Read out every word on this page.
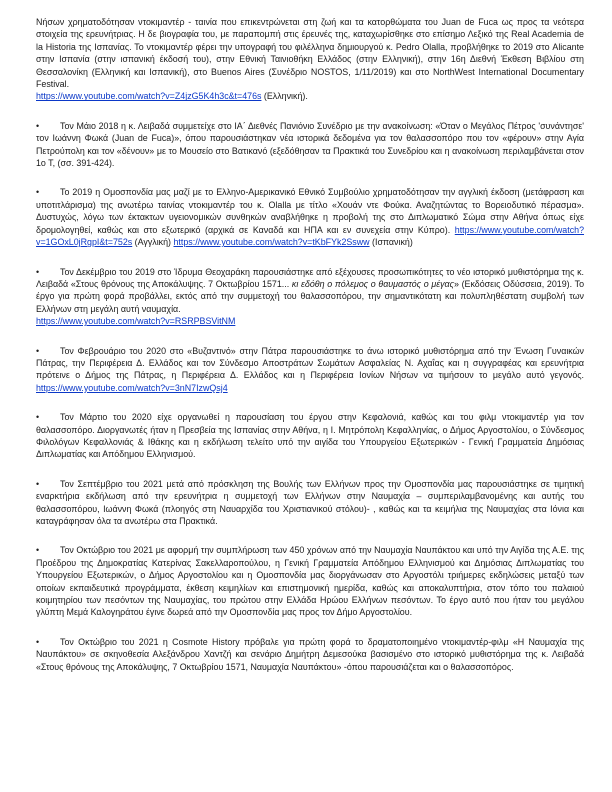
Νήσων χρηματοδότησαν ντοκιμαντέρ - ταινία που επικεντρώνεται στη ζωή και τα κατορθώματα του Juan de Fuca ως προς τα νεότερα στοιχεία της ερευνήτριας. Η δε βιογραφία του, με παραπομπή στις έρευνές της, καταχωρίσθηκε στο επίσημο Λεξικό της Real Academia de la Historia της Ισπανίας. Το ντοκιμαντέρ φέρει την υπογραφή του φιλέλληνα δημιουργού κ. Pedro Olalla, προβλήθηκε το 2019 στο Alicante στην Ισπανία (στην ισπανική έκδοσή του), στην Εθνική Ταινιοθήκη Ελλάδος (στην Ελληνική), στην 16η Διεθνή Έκθεση Βιβλίου στη Θεσσαλονίκη (Ελληνική και Ισπανική), στο Buenos Aires (Συνέδριο NOSTOS, 1/11/2019) και στο NorthWest International Documentary Festival.
https://www.youtube.com/watch?v=Z4jzG5K4h3c&t=476s (Ελληνική).

• Τον Μάιο 2018 η κ. Λειβαδά συμμετείχε στο ΙΑ΄ Διεθνές Πανιόνιο Συνέδριο με την ανακοίνωση: «Όταν ο Μεγάλος Πέτρος 'συνάντησε' τον Ιωάννη Φωκά (Juan de Fuca)», όπου παρουσιάστηκαν νέα ιστορικά δεδομένα για τον θαλασσοπόρο που τον «φέρουν» στην Αγία Πετρούπολη και τον «δένουν» με το Μουσείο στο Βατικανό (εξεδόθησαν τα Πρακτικά του Συνεδρίου και η ανακοίνωση περιλαμβάνεται στον 1ο Τ, (σσ. 391-424).

• Το 2019 η Ομοσπονδία μας μαζί με το Ελληνο-Αμερικανικό Εθνικό Συμβούλιο χρηματοδότησαν την αγγλική έκδοση (μετάφραση και υποτιτλάρισμα) της ανωτέρω ταινίας ντοκιμαντέρ του κ. Olalla με τίτλο «Χουάν ντε Φούκα. Αναζητώντας το Βορειοδυτικό πέρασμα». Δυστυχώς, λόγω των έκτακτων υγειονομικών συνθηκών αναβλήθηκε η προβολή της στο Διπλωματικό Σώμα στην Αθήνα όπως είχε δρομολογηθεί, καθώς και στο εξωτερικό (αρχικά σε Καναδά και ΗΠΑ και εν συνεχεία στην Κύπρο). https://www.youtube.com/watch?v=1GOxL0jRgpI&t=752s (Αγγλική) https://www.youtube.com/watch?v=tKbFYk2Ssww (Ισπανική)

• Τον Δεκέμβριο του 2019 στο Ίδρυμα Θεοχαράκη παρουσιάστηκε από εξέχουσες προσωπικότητες το νέο ιστορικό μυθιστόρημα της κ. Λειβαδά «Στους θρόνους της Αποκάλυψης. 7 Οκτωβρίου 1571... κι εδόθη ο πόλεμος ο θαυμαστός ο μέγας» (Εκδόσεις Οδύσσεια, 2019). Το έργο για πρώτη φορά προβάλλει, εκτός από την συμμετοχή του θαλασσοπόρου, την σημαντικότατη και πολυπληθέστατη συμβολή των Ελλήνων στη μεγάλη αυτή ναυμαχία.
https://www.youtube.com/watch?v=RSRPBSVitNM

• Τον Φεβρουάριο του 2020 στο «Βυζαντινό» στην Πάτρα παρουσιάστηκε το άνω ιστορικό μυθιστόρημα από την Ένωση Γυναικών Πάτρας, την Περιφέρεια Δ. Ελλάδος και τον Σύνδεσμο Αποστράτων Σωμάτων Ασφαλείας Ν. Αχαΐας και η συγγραφέας και ερευνήτρια πρότεινε ο Δήμος της Πάτρας, η Περιφέρεια Δ. Ελλάδος και η Περιφέρεια Ιονίων Νήσων να τιμήσουν το μεγάλο αυτό γεγονός. https://www.youtube.com/watch?v=3nN7IzwQsj4

• Τον Μάρτιο του 2020 είχε οργανωθεί η παρουσίαση του έργου στην Κεφαλονιά, καθώς και του φιλμ ντοκιμαντέρ για τον θαλασσοπόρο. Διοργανωτές ήταν η Πρεσβεία της Ισπανίας στην Αθήνα, η Ι. Μητρόπολη Κεφαλληνίας, ο Δήμος Αργοστολίου, ο Σύνδεσμος Φιλολόγων Κεφαλλονιάς & Ιθάκης και η εκδήλωση τελείτο υπό την αιγίδα του Υπουργείου Εξωτερικών - Γενική Γραμματεία Δημόσιας Διπλωματίας και Απόδημου Ελληνισμού.

• Τον Σεπτέμβριο του 2021 μετά από πρόσκληση της Βουλής των Ελλήνων προς την Ομοσπονδία μας παρουσιάστηκε σε τιμητική εναρκτήρια εκδήλωση από την ερευνήτρια η συμμετοχή των Ελλήνων στην Ναυμαχία – συμπεριλαμβανομένης και αυτής του θαλασσοπόρου, Ιωάννη Φωκά (πλοηγός στη Ναυαρχίδα του Χριστιανικού στόλου)- , καθώς και τα κειμήλια της Ναυμαχίας στα Ιόνια και καταγράφησαν όλα τα ανωτέρω στα Πρακτικά.

• Τον Οκτώβριο του 2021 με αφορμή την συμπλήρωση των 450 χρόνων από την Ναυμαχία Ναυπάκτου και υπό την Αιγίδα της Α.Ε. της Προέδρου της Δημοκρατίας Κατερίνας Σακελλαροπούλου, η Γενική Γραμματεία Απόδημου Ελληνισμού και Δημόσιας Διπλωματίας του Υπουργείου Εξωτερικών, ο Δήμος Αργοστολίου και η Ομοσπονδία μας διοργάνωσαν στο Αργοστόλι τριήμερες εκδηλώσεις μεταξύ των οποίων εκπαιδευτικά προγράμματα, έκθεση κειμηλίων και επιστημονική ημερίδα, καθώς και αποκαλυπτήρια, στον τόπο του παλαιού κοιμητηρίου των πεσόντων της Ναυμαχίας, του πρώτου στην Ελλάδα Ηρώου Ελλήνων πεσόντων. Το έργο αυτό που ήταν του μεγάλου γλύπτη Μεμά Καλογηράτου έγινε δωρεά από την Ομοσπονδία μας προς τον Δήμο Αργοστολίου.

• Τον Οκτώβριο του 2021 η Cosmote History πρόβαλε για πρώτη φορά το δραματοποιημένο ντοκιμαντέρ-φιλμ «Η Ναυμαχία της Ναυπάκτου» σε σκηνοθεσία Αλεξάνδρου Χαντζή και σενάριο Δημήτρη Δεμεσούκα βασισμένο στο ιστορικό μυθιστόρημα της κ. Λειβαδά «Στους θρόνους της Αποκάλυψης, 7 Οκτωβρίου 1571, Ναυμαχία Ναυπάκτου» -όπου παρουσιάζεται και ο θαλασσοπόρος.
